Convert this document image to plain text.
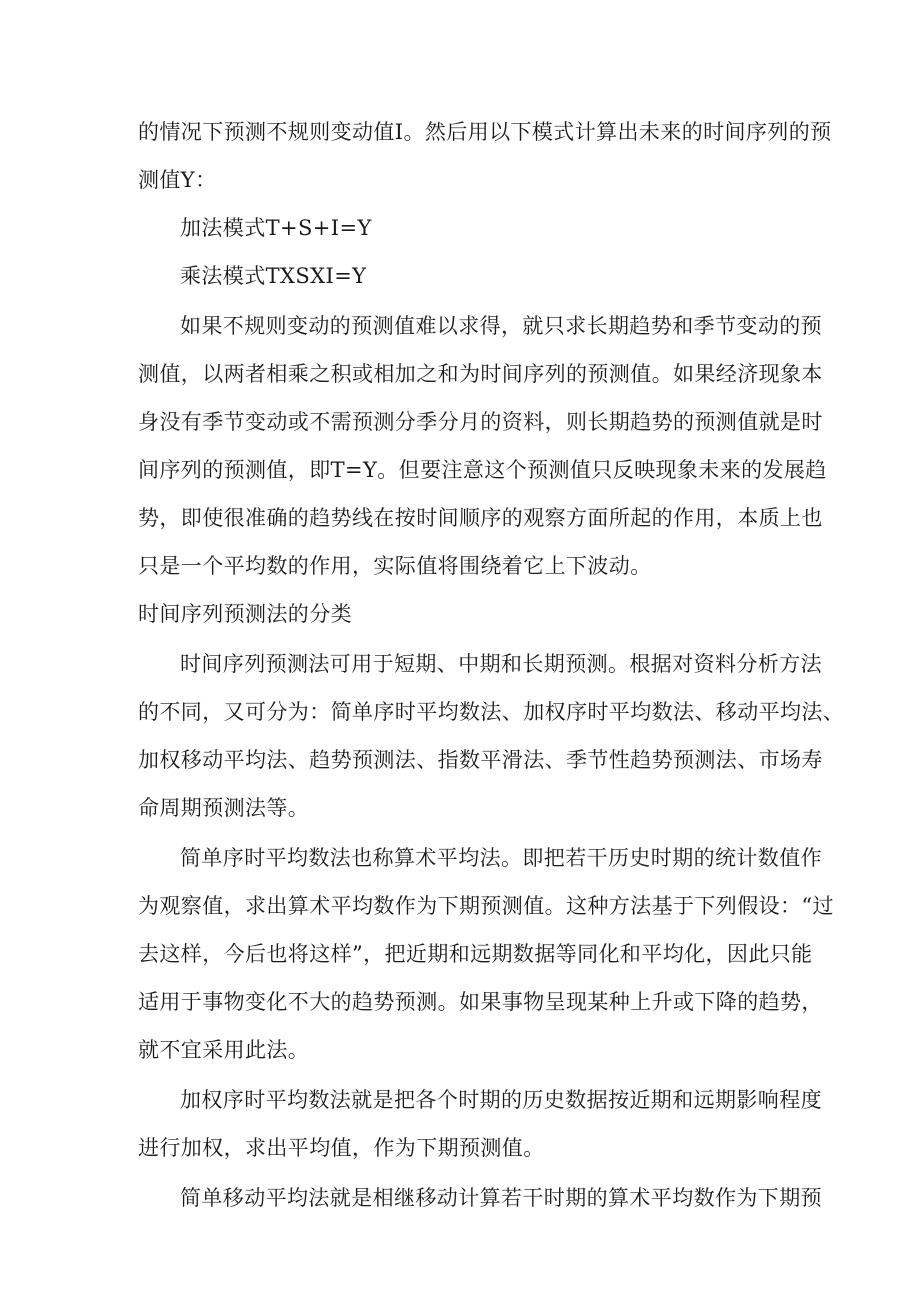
的情况下预测不规则变动值I。然后用以下模式计算出未来的时间序列的预
测值Y：
加法模式T+S+I=Y
乘法模式TXSXI=Y
如果不规则变动的预测值难以求得，就只求长期趋势和季节变动的预
测值，以两者相乘之积或相加之和为时间序列的预测值。如果经济现象本
身没有季节变动或不需预测分季分月的资料，则长期趋势的预测值就是时
间序列的预测值，即T=Y。但要注意这个预测值只反映现象未来的发展趋
势，即使很准确的趋势线在按时间顺序的观察方面所起的作用，本质上也
只是一个平均数的作用，实际值将围绕着它上下波动。
时间序列预测法的分类
时间序列预测法可用于短期、中期和长期预测。根据对资料分析方法
的不同，又可分为：简单序时平均数法、加权序时平均数法、移动平均法、
加权移动平均法、趋势预测法、指数平滑法、季节性趋势预测法、市场寿
命周期预测法等。
简单序时平均数法也称算术平均法。即把若干历史时期的统计数值作
为观察值，求出算术平均数作为下期预测值。这种方法基于下列假设：“过
去这样，今后也将这样”，把近期和远期数据等同化和平均化，因此只能
适用于事物变化不大的趋势预测。如果事物呈现某种上升或下降的趋势，
就不宜采用此法。
加权序时平均数法就是把各个时期的历史数据按近期和远期影响程度
进行加权，求出平均值，作为下期预测值。
简单移动平均法就是相继移动计算若干时期的算术平均数作为下期预
